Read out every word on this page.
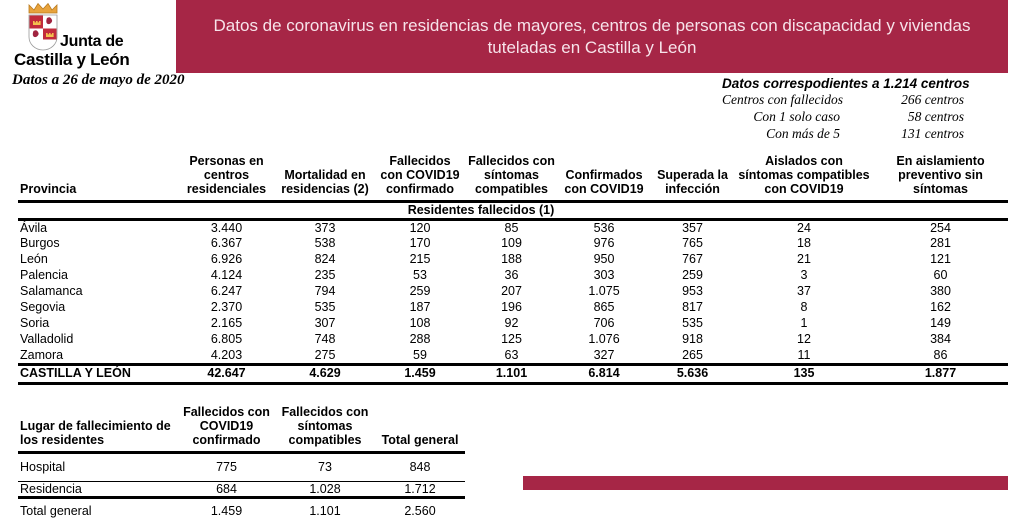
Junta de
Castilla y León
Datos de coronavirus en residencias de mayores, centros de personas con discapacidad y viviendas tuteladas en Castilla y León
Datos a 26 de mayo de 2020	Datos correspodientes a 1.214 centros
Centros con fallecidos	266 centros
Con 1 solo caso	58 centros
Con más de 5	131 centros
Provincia	Personas en centros residenciales	Mortalidad en residencias (2)	Fallecidos con COVID19 confirmado	Fallecidos con síntomas compatibles	Confirmados con COVID19	Superada la infección	Aislados con síntomas compatibles con COVID19	En aislamiento preventivo sin síntomas
Residentes fallecidos (1)
Ávila	3.440	373	120	85	536	357	24	254
Burgos	6.367	538	170	109	976	765	18	281
León	6.926	824	215	188	950	767	21	121
Palencia	4.124	235	53	36	303	259	3	60
Salamanca	6.247	794	259	207	1.075	953	37	380
Segovia	2.370	535	187	196	865	817	8	162
Soria	2.165	307	108	92	706	535	1	149
Valladolid	6.805	748	288	125	1.076	918	12	384
Zamora	4.203	275	59	63	327	265	11	86
CASTILLA Y LEÓN	42.647	4.629	1.459	1.101	6.814	5.636	135	1.877
Lugar de fallecimiento de los residentes	Fallecidos con COVID19 confirmado	Fallecidos con síntomas compatibles	Total general
Hospital	775	73	848
Residencia	684	1.028	1.712
Total general	1.459	1.101	2.560
